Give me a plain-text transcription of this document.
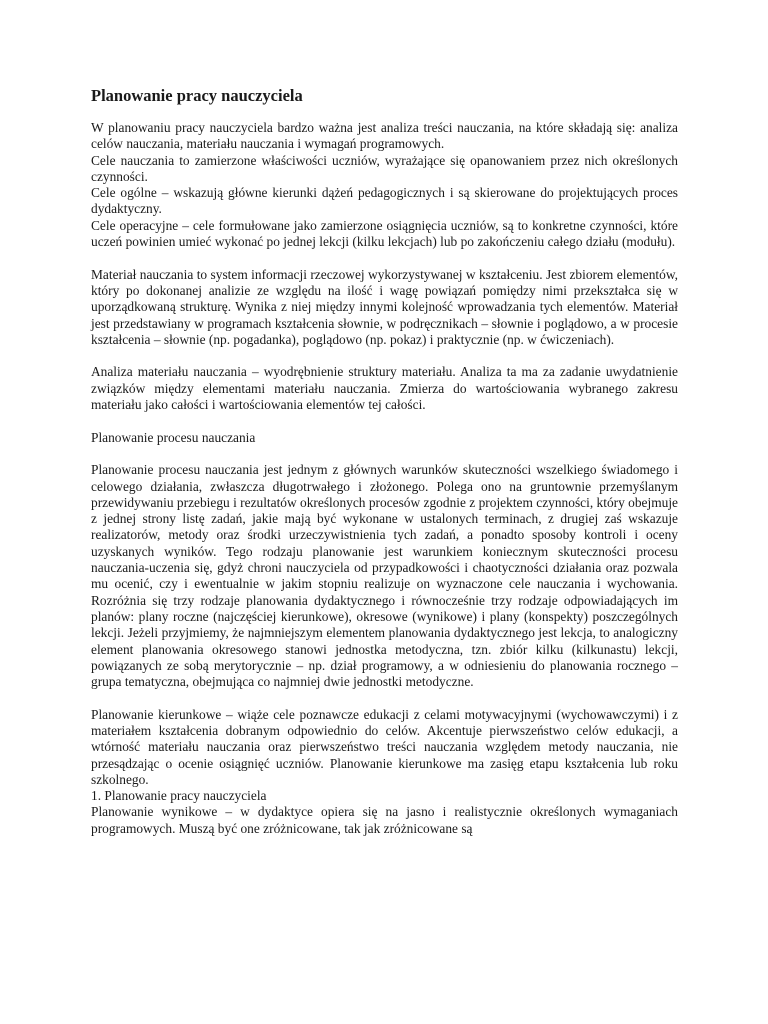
Planowanie pracy nauczyciela

W planowaniu pracy nauczyciela bardzo ważna jest analiza treści nauczania, na które składają się: analiza celów nauczania, materiału nauczania i wymagań programowych.

Cele nauczania to zamierzone właściwości uczniów, wyrażające się opanowaniem przez nich określonych czynności.

Cele ogólne – wskazują główne kierunki dążeń pedagogicznych i są skierowane do projektujących proces dydaktyczny.

Cele operacyjne – cele formułowane jako zamierzone osiągnięcia uczniów, są to konkretne czynności, które uczeń powinien umieć wykonać po jednej lekcji (kilku lekcjach) lub po zakończeniu całego działu (modułu).

Materiał nauczania to system informacji rzeczowej wykorzystywanej w kształceniu. Jest zbiorem elementów, który po dokonanej analizie ze względu na ilość i wagę powiązań pomiędzy nimi przekształca się w uporządkowaną strukturę. Wynika z niej między innymi kolejność wprowadzania tych elementów. Materiał jest przedstawiany w programach kształcenia słownie, w podręcznikach – słownie i poglądowo, a w procesie kształcenia – słownie (np. pogadanka), poglądowo (np. pokaz) i praktycznie (np. w ćwiczeniach).

Analiza materiału nauczania – wyodrębnienie struktury materiału. Analiza ta ma za zadanie uwydatnienie związków między elementami materiału nauczania. Zmierza do wartościowania wybranego zakresu materiału jako całości i wartościowania elementów tej całości.

Planowanie procesu nauczania

Planowanie procesu nauczania jest jednym z głównych warunków skuteczności wszelkiego świadomego i celowego działania, zwłaszcza długotrwałego i złożonego. Polega ono na gruntownie przemyślanym przewidywaniu przebiegu i rezultatów określonych procesów zgodnie z projektem czynności, który obejmuje z jednej strony listę zadań, jakie mają być wykonane w ustalonych terminach, z drugiej zaś wskazuje realizatorów, metody oraz środki urzeczywistnienia tych zadań, a ponadto sposoby kontroli i oceny uzyskanych wyników. Tego rodzaju planowanie jest warunkiem koniecznym skuteczności procesu nauczania-uczenia się, gdyż chroni nauczyciela od przypadkowości i chaotyczności działania oraz pozwala mu ocenić, czy i ewentualnie w jakim stopniu realizuje on wyznaczone cele nauczania i wychowania. Rozróżnia się trzy rodzaje planowania dydaktycznego i równocześnie trzy rodzaje odpowiadających im planów: plany roczne (najczęściej kierunkowe), okresowe (wynikowe) i plany (konspekty) poszczególnych lekcji. Jeżeli przyjmiemy, że najmniejszym elementem planowania dydaktycznego jest lekcja, to analogiczny element planowania okresowego stanowi jednostka metodyczna, tzn. zbiór kilku (kilkunastu) lekcji, powiązanych ze sobą merytorycznie – np. dział programowy, a w odniesieniu do planowania rocznego – grupa tematyczna, obejmująca co najmniej dwie jednostki metodyczne.

Planowanie kierunkowe – wiąże cele poznawcze edukacji z celami motywacyjnymi (wychowawczymi) i z materiałem kształcenia dobranym odpowiednio do celów. Akcentuje pierwszeństwo celów edukacji, a wtórność materiału nauczania oraz pierwszeństwo treści nauczania względem metody nauczania, nie przesądzając o ocenie osiągnięć uczniów. Planowanie kierunkowe ma zasięg etapu kształcenia lub roku szkolnego.

1. Planowanie pracy nauczyciela

Planowanie wynikowe – w dydaktyce opiera się na jasno i realistycznie określonych wymaganiach programowych. Muszą być one zróżnicowane, tak jak zróżnicowane są
